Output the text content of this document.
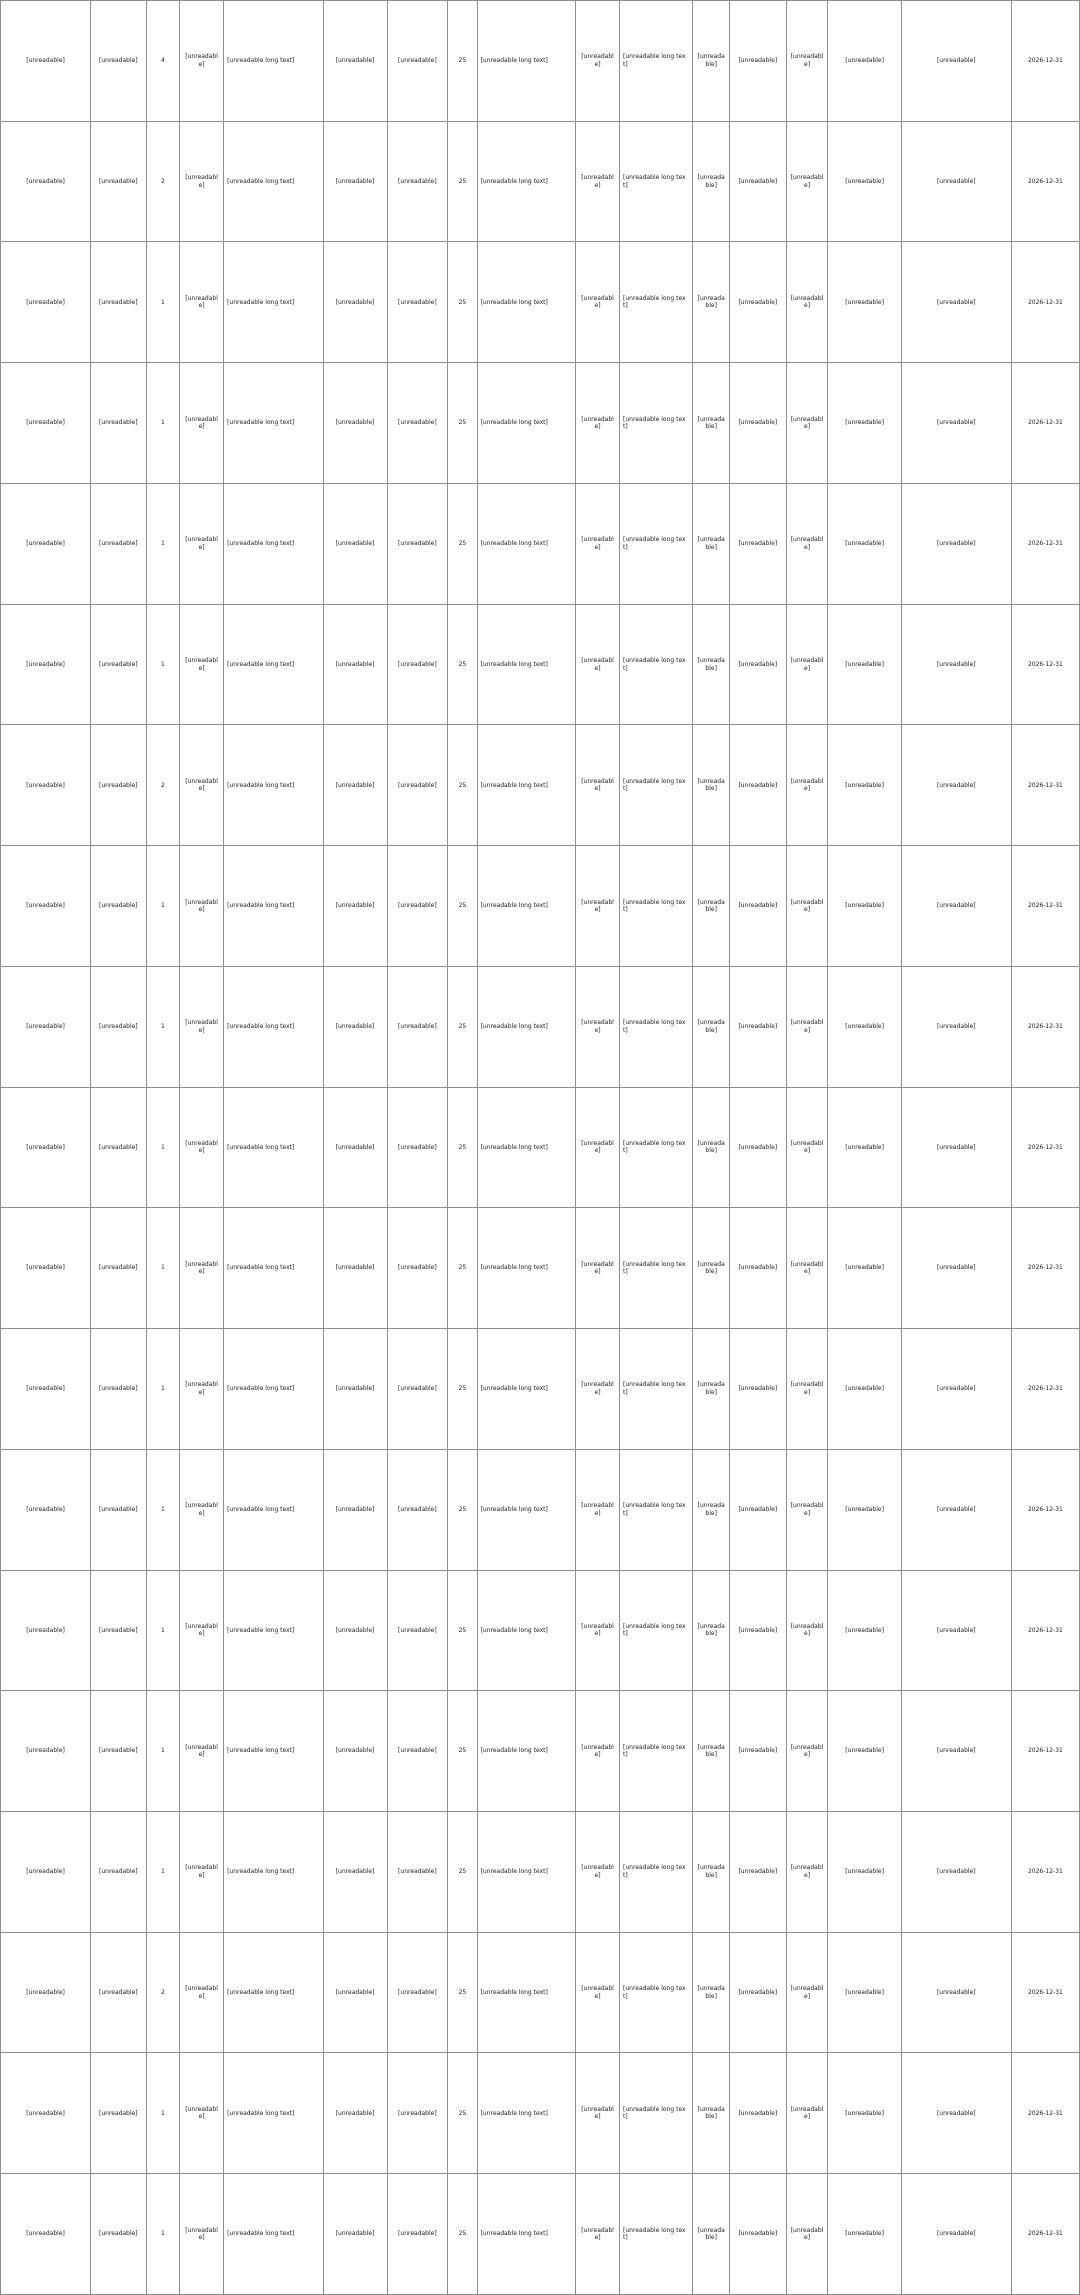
[unreadable]	[unreadable]	4	[unreadable]	[unreadable long text]	[unreadable]	[unreadable]	25	[unreadable long text]	[unreadable]	[unreadable long text]	[unreadable]	[unreadable]	[unreadable]	[unreadable]	[unreadable]	2026-12-31
[unreadable]	[unreadable]	2	[unreadable]	[unreadable long text]	[unreadable]	[unreadable]	25	[unreadable long text]	[unreadable]	[unreadable long text]	[unreadable]	[unreadable]	[unreadable]	[unreadable]	[unreadable]	2026-12-31
[unreadable]	[unreadable]	1	[unreadable]	[unreadable long text]	[unreadable]	[unreadable]	25	[unreadable long text]	[unreadable]	[unreadable long text]	[unreadable]	[unreadable]	[unreadable]	[unreadable]	[unreadable]	2026-12-31
[unreadable]	[unreadable]	1	[unreadable]	[unreadable long text]	[unreadable]	[unreadable]	25	[unreadable long text]	[unreadable]	[unreadable long text]	[unreadable]	[unreadable]	[unreadable]	[unreadable]	[unreadable]	2026-12-31
[unreadable]	[unreadable]	1	[unreadable]	[unreadable long text]	[unreadable]	[unreadable]	25	[unreadable long text]	[unreadable]	[unreadable long text]	[unreadable]	[unreadable]	[unreadable]	[unreadable]	[unreadable]	2026-12-31
[unreadable]	[unreadable]	1	[unreadable]	[unreadable long text]	[unreadable]	[unreadable]	25	[unreadable long text]	[unreadable]	[unreadable long text]	[unreadable]	[unreadable]	[unreadable]	[unreadable]	[unreadable]	2026-12-31
[unreadable]	[unreadable]	2	[unreadable]	[unreadable long text]	[unreadable]	[unreadable]	25	[unreadable long text]	[unreadable]	[unreadable long text]	[unreadable]	[unreadable]	[unreadable]	[unreadable]	[unreadable]	2026-12-31
[unreadable]	[unreadable]	1	[unreadable]	[unreadable long text]	[unreadable]	[unreadable]	25	[unreadable long text]	[unreadable]	[unreadable long text]	[unreadable]	[unreadable]	[unreadable]	[unreadable]	[unreadable]	2026-12-31
[unreadable]	[unreadable]	1	[unreadable]	[unreadable long text]	[unreadable]	[unreadable]	25	[unreadable long text]	[unreadable]	[unreadable long text]	[unreadable]	[unreadable]	[unreadable]	[unreadable]	[unreadable]	2026-12-31
[unreadable]	[unreadable]	1	[unreadable]	[unreadable long text]	[unreadable]	[unreadable]	25	[unreadable long text]	[unreadable]	[unreadable long text]	[unreadable]	[unreadable]	[unreadable]	[unreadable]	[unreadable]	2026-12-31
[unreadable]	[unreadable]	1	[unreadable]	[unreadable long text]	[unreadable]	[unreadable]	25	[unreadable long text]	[unreadable]	[unreadable long text]	[unreadable]	[unreadable]	[unreadable]	[unreadable]	[unreadable]	2026-12-31
[unreadable]	[unreadable]	1	[unreadable]	[unreadable long text]	[unreadable]	[unreadable]	25	[unreadable long text]	[unreadable]	[unreadable long text]	[unreadable]	[unreadable]	[unreadable]	[unreadable]	[unreadable]	2026-12-31
[unreadable]	[unreadable]	1	[unreadable]	[unreadable long text]	[unreadable]	[unreadable]	25	[unreadable long text]	[unreadable]	[unreadable long text]	[unreadable]	[unreadable]	[unreadable]	[unreadable]	[unreadable]	2026-12-31
[unreadable]	[unreadable]	1	[unreadable]	[unreadable long text]	[unreadable]	[unreadable]	25	[unreadable long text]	[unreadable]	[unreadable long text]	[unreadable]	[unreadable]	[unreadable]	[unreadable]	[unreadable]	2026-12-31
[unreadable]	[unreadable]	1	[unreadable]	[unreadable long text]	[unreadable]	[unreadable]	25	[unreadable long text]	[unreadable]	[unreadable long text]	[unreadable]	[unreadable]	[unreadable]	[unreadable]	[unreadable]	2026-12-31
[unreadable]	[unreadable]	1	[unreadable]	[unreadable long text]	[unreadable]	[unreadable]	25	[unreadable long text]	[unreadable]	[unreadable long text]	[unreadable]	[unreadable]	[unreadable]	[unreadable]	[unreadable]	2026-12-31
[unreadable]	[unreadable]	2	[unreadable]	[unreadable long text]	[unreadable]	[unreadable]	25	[unreadable long text]	[unreadable]	[unreadable long text]	[unreadable]	[unreadable]	[unreadable]	[unreadable]	[unreadable]	2026-12-31
[unreadable]	[unreadable]	1	[unreadable]	[unreadable long text]	[unreadable]	[unreadable]	25	[unreadable long text]	[unreadable]	[unreadable long text]	[unreadable]	[unreadable]	[unreadable]	[unreadable]	[unreadable]	2026-12-31
[unreadable]	[unreadable]	1	[unreadable]	[unreadable long text]	[unreadable]	[unreadable]	25	[unreadable long text]	[unreadable]	[unreadable long text]	[unreadable]	[unreadable]	[unreadable]	[unreadable]	[unreadable]	2026-12-31
